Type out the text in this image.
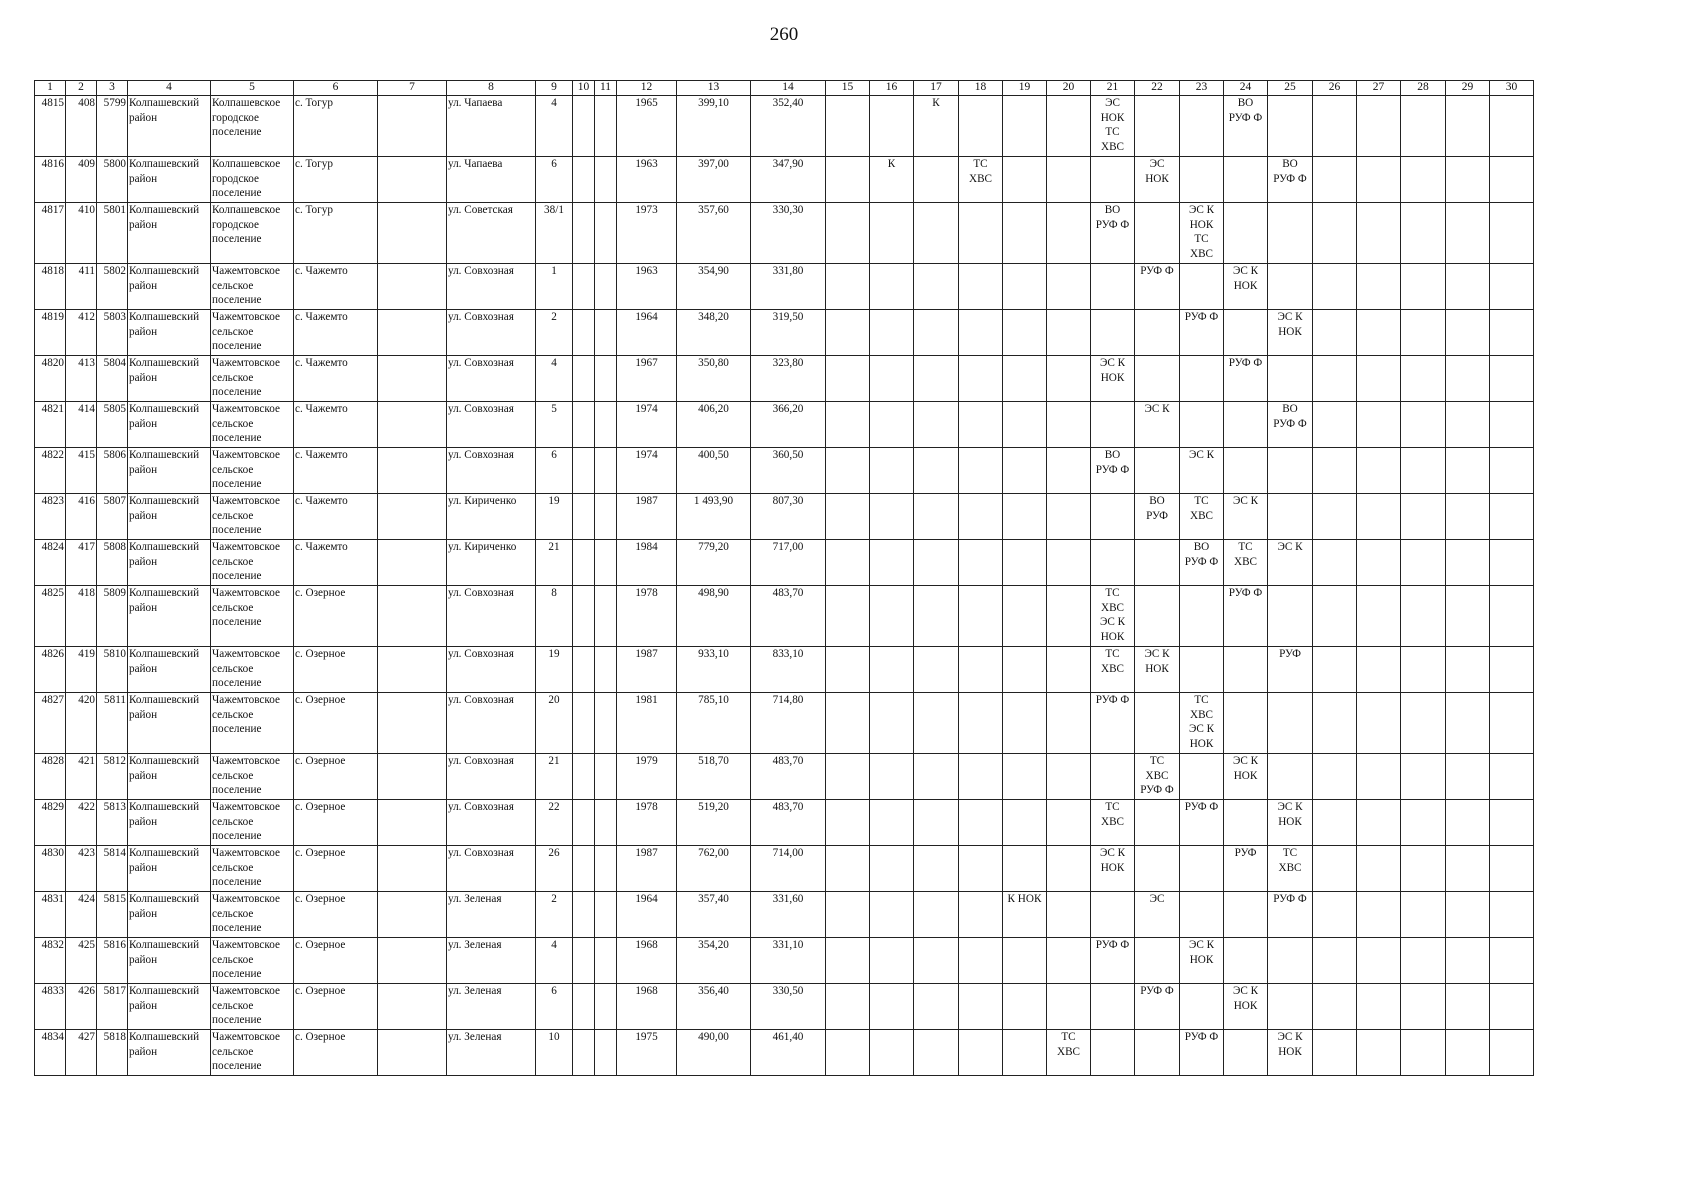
260
1	2	3	4	5	6	7	8	9	10	11	12	13	14	15	16	17	18	19	20	21	22	23	24	25	26	27	28	29	30

4815	408	5799	Колпашевский район	Колпашевское городское поселение	с. Тогур		ул. Чапаева	4			1965	399,10	352,40			К				ЭС
НОК
ТС
ХВС			ВО
РУФ Ф						

4816	409	5800	Колпашевский район	Колпашевское городское поселение	с. Тогур		ул. Чапаева	6			1963	397,00	347,90		К		ТС
ХВС				ЭС
НОК			ВО
РУФ Ф					

4817	410	5801	Колпашевский район	Колпашевское городское поселение	с. Тогур		ул. Советская	38/1			1973	357,60	330,30							ВО
РУФ Ф		ЭС К
НОК
ТС
ХВС							

4818	411	5802	Колпашевский район	Чажемтовское сельское поселение	с. Чажемто		ул. Совхозная	1			1963	354,90	331,80								РУФ Ф		ЭС К
НОК						

4819	412	5803	Колпашевский район	Чажемтовское сельское поселение	с. Чажемто		ул. Совхозная	2			1964	348,20	319,50									РУФ Ф		ЭС К
НОК					

4820	413	5804	Колпашевский район	Чажемтовское сельское поселение	с. Чажемто		ул. Совхозная	4			1967	350,80	323,80							ЭС К
НОК			РУФ Ф						

4821	414	5805	Колпашевский район	Чажемтовское сельское поселение	с. Чажемто		ул. Совхозная	5			1974	406,20	366,20								ЭС К			ВО
РУФ Ф					

4822	415	5806	Колпашевский район	Чажемтовское сельское поселение	с. Чажемто		ул. Совхозная	6			1974	400,50	360,50							ВО
РУФ Ф		ЭС К							

4823	416	5807	Колпашевский район	Чажемтовское сельское поселение	с. Чажемто		ул. Кириченко	19			1987	1 493,90	807,30								ВО
РУФ	ТС
ХВС	ЭС К						

4824	417	5808	Колпашевский район	Чажемтовское сельское поселение	с. Чажемто		ул. Кириченко	21			1984	779,20	717,00									ВО
РУФ Ф	ТС
ХВС	ЭС К					

4825	418	5809	Колпашевский район	Чажемтовское сельское поселение	с. Озерное		ул. Совхозная	8			1978	498,90	483,70							ТС
ХВС
ЭС К
НОК			РУФ Ф						

4826	419	5810	Колпашевский район	Чажемтовское сельское поселение	с. Озерное		ул. Совхозная	19			1987	933,10	833,10							ТС
ХВС	ЭС К
НОК			РУФ					

4827	420	5811	Колпашевский район	Чажемтовское сельское поселение	с. Озерное		ул. Совхозная	20			1981	785,10	714,80							РУФ Ф		ТС
ХВС
ЭС К
НОК							

4828	421	5812	Колпашевский район	Чажемтовское сельское поселение	с. Озерное		ул. Совхозная	21			1979	518,70	483,70								ТС
ХВС
РУФ Ф		ЭС К
НОК						

4829	422	5813	Колпашевский район	Чажемтовское сельское поселение	с. Озерное		ул. Совхозная	22			1978	519,20	483,70							ТС
ХВС		РУФ Ф		ЭС К
НОК					

4830	423	5814	Колпашевский район	Чажемтовское сельское поселение	с. Озерное		ул. Совхозная	26			1987	762,00	714,00							ЭС К
НОК			РУФ	ТС
ХВС					

4831	424	5815	Колпашевский район	Чажемтовское сельское поселение	с. Озерное		ул. Зеленая	2			1964	357,40	331,60					К НОК			ЭС			РУФ Ф					

4832	425	5816	Колпашевский район	Чажемтовское сельское поселение	с. Озерное		ул. Зеленая	4			1968	354,20	331,10							РУФ Ф		ЭС К
НОК							

4833	426	5817	Колпашевский район	Чажемтовское сельское поселение	с. Озерное		ул. Зеленая	6			1968	356,40	330,50								РУФ Ф		ЭС К
НОК						

4834	427	5818	Колпашевский район	Чажемтовское сельское поселение	с. Озерное		ул. Зеленая	10			1975	490,00	461,40						ТС
ХВС			РУФ Ф		ЭС К
НОК					
